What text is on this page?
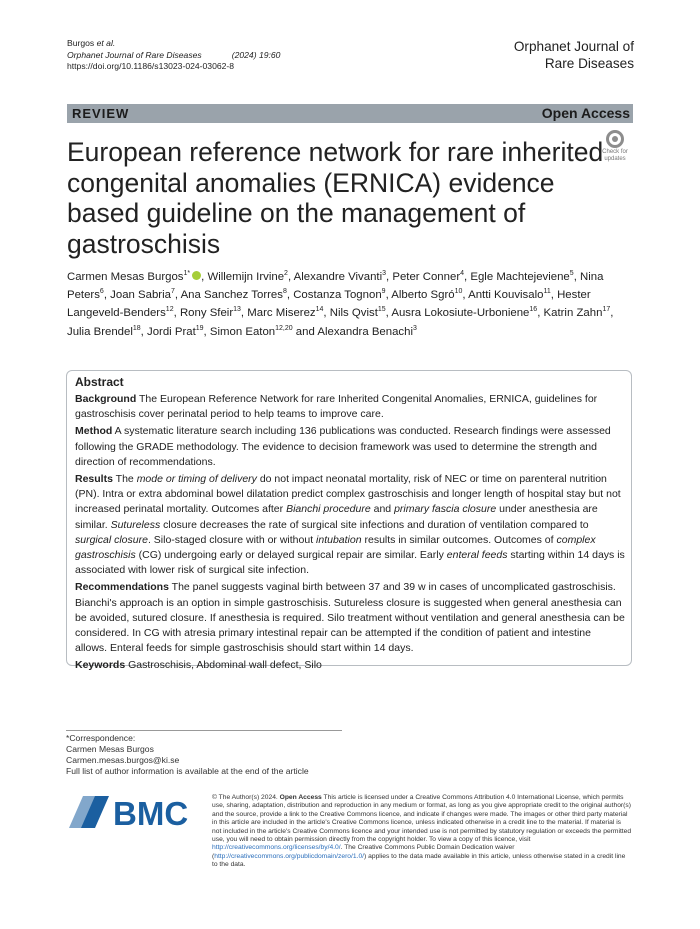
Burgos et al.
Orphanet Journal of Rare Diseases	(2024) 19:60
https://doi.org/10.1186/s13023-024-03062-8
Orphanet Journal of
Rare Diseases
REVIEW	Open Access
Check for updates
European reference network for rare inherited congenital anomalies (ERNICA) evidence based guideline on the management of gastroschisis
Carmen Mesas Burgos$^{1*}$ , Willemijn Irvine$^2$, Alexandre Vivanti$^3$, Peter Conner$^4$, Egle Machtejeviene$^5$, Nina Peters$^6$, Joan Sabria$^7$, Ana Sanchez Torres$^8$, Costanza Tognon$^9$, Alberto Sgró$^{10}$, Antti Kouvisalo$^{11}$, Hester Langeveld-Benders$^{12}$, Rony Sfeir$^{13}$, Marc Miserez$^{14}$, Nils Qvist$^{15}$, Ausra Lokosiute-Urboniene$^{16}$, Katrin Zahn$^{17}$, Julia Brendel$^{18}$, Jordi Prat$^{19}$, Simon Eaton$^{12,20}$ and Alexandra Benachi$^3$
Abstract

Background The European Reference Network for rare Inherited Congenital Anomalies, ERNICA, guidelines for gastroschisis cover perinatal period to help teams to improve care.

Method A systematic literature search including 136 publications was conducted. Research findings were assessed following the GRADE methodology. The evidence to decision framework was used to determine the strength and direction of recommendations.

Results The mode or timing of delivery do not impact neonatal mortality, risk of NEC or time on parenteral nutrition (PN). Intra or extra abdominal bowel dilatation predict complex gastroschisis and longer length of hospital stay but not increased perinatal mortality. Outcomes after Bianchi procedure and primary fascia closure under anesthesia are similar. Sutureless closure decreases the rate of surgical site infections and duration of ventilation compared to surgical closure. Silo-staged closure with or without intubation results in similar outcomes. Outcomes of complex gastroschisis (CG) undergoing early or delayed surgical repair are similar. Early enteral feeds starting within 14 days is associated with lower risk of surgical site infection.

Recommendations The panel suggests vaginal birth between 37 and 39 w in cases of uncomplicated gastroschisis. Bianchi's approach is an option in simple gastroschisis. Sutureless closure is suggested when general anesthesia can be avoided, sutured closure. If anesthesia is required. Silo treatment without ventilation and general anesthesia can be considered. In CG with atresia primary intestinal repair can be attempted if the condition of patient and intestine allows. Enteral feeds for simple gastroschisis should start within 14 days.

Keywords Gastroschisis, Abdominal wall defect, Silo

*Correspondence:
Carmen Mesas Burgos
Carmen.mesas.burgos@ki.se
Full list of author information is available at the end of the article
BMC	© The Author(s) 2024. Open Access This article is licensed under a Creative Commons Attribution 4.0 International License, which permits use, sharing, adaptation, distribution and reproduction in any medium or format, as long as you give appropriate credit to the original author(s) and the source, provide a link to the Creative Commons licence, and indicate if changes were made. The images or other third party material in this article are included in the article's Creative Commons licence, unless indicated otherwise in a credit line to the material. If material is not included in the article's Creative Commons licence and your intended use is not permitted by statutory regulation or exceeds the permitted use, you will need to obtain permission directly from the copyright holder. To view a copy of this licence, visit http://creativecommons.org/licenses/by/4.0/. The Creative Commons Public Domain Dedication waiver (http://creativecommons.org/publicdomain/zero/1.0/) applies to the data made available in this article, unless otherwise stated in a credit line to the data.
